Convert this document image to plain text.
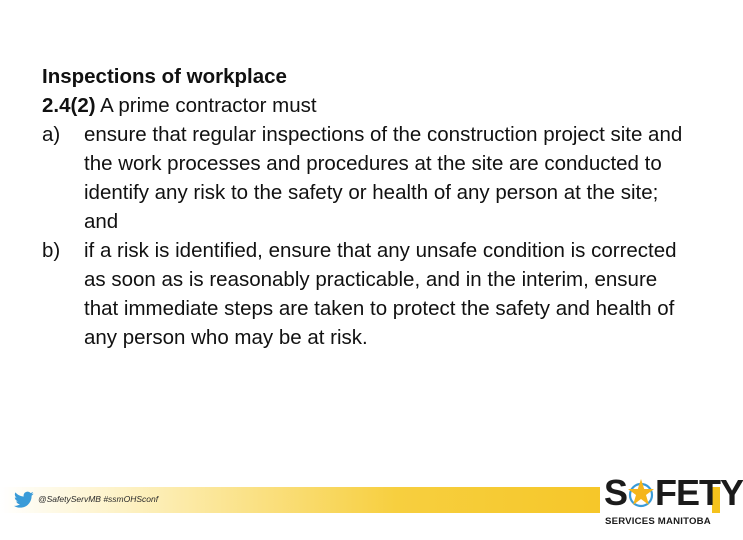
Inspections of workplace
2.4(2) A prime contractor must
a)	ensure that regular inspections of the construction project site and the work processes and procedures at the site are conducted to identify any risk to the safety or health of any person at the site; and
b)	if a risk is identified, ensure that any unsafe condition is corrected as soon as is reasonably practicable, and in the interim, ensure that immediate steps are taken to protect the safety and health of any person who may be at risk.
@SafetyServMB #ssmOHSconf	S FETY
SERVICES MANITOBA
